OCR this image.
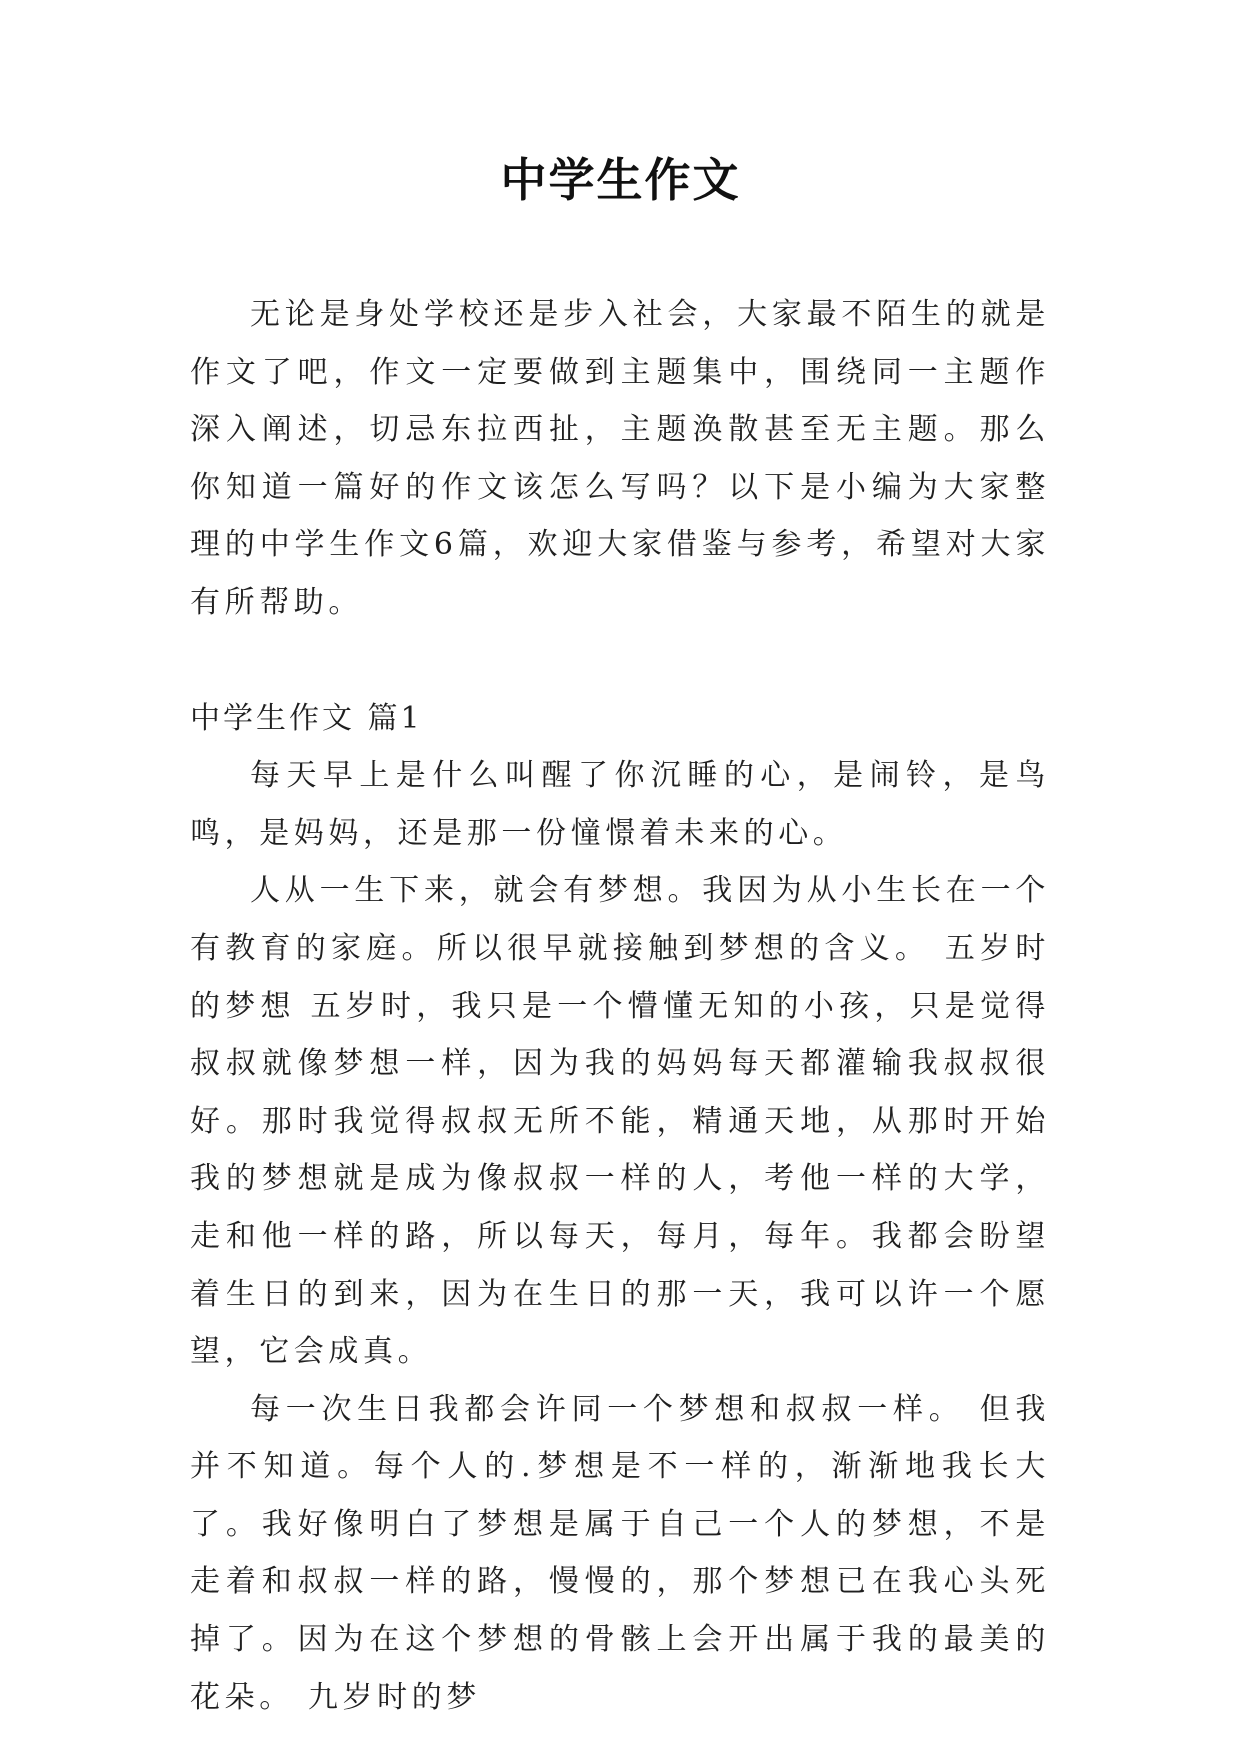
中学生作文

无论是身处学校还是步入社会，大家最不陌生的就是作文了吧，作文一定要做到主题集中，围绕同一主题作深入阐述，切忌东拉西扯，主题涣散甚至无主题。那么你知道一篇好的作文该怎么写吗？以下是小编为大家整理的中学生作文6篇，欢迎大家借鉴与参考，希望对大家有所帮助。

中学生作文 篇1

每天早上是什么叫醒了你沉睡的心，是闹铃，是鸟鸣，是妈妈，还是那一份憧憬着未来的心。

人从一生下来，就会有梦想。我因为从小生长在一个有教育的家庭。所以很早就接触到梦想的含义。 五岁时的梦想 五岁时，我只是一个懵懂无知的小孩，只是觉得叔叔就像梦想一样，因为我的妈妈每天都灌输我叔叔很好。那时我觉得叔叔无所不能，精通天地，从那时开始我的梦想就是成为像叔叔一样的人，考他一样的大学，走和他一样的路，所以每天，每月，每年。我都会盼望着生日的到来，因为在生日的那一天，我可以许一个愿望，它会成真。

每一次生日我都会许同一个梦想和叔叔一样。 但我并不知道。每个人的.梦想是不一样的，渐渐地我长大了。我好像明白了梦想是属于自己一个人的梦想，不是走着和叔叔一样的路，慢慢的，那个梦想已在我心头死掉了。因为在这个梦想的骨骸上会开出属于我的最美的花朵。 九岁时的梦
